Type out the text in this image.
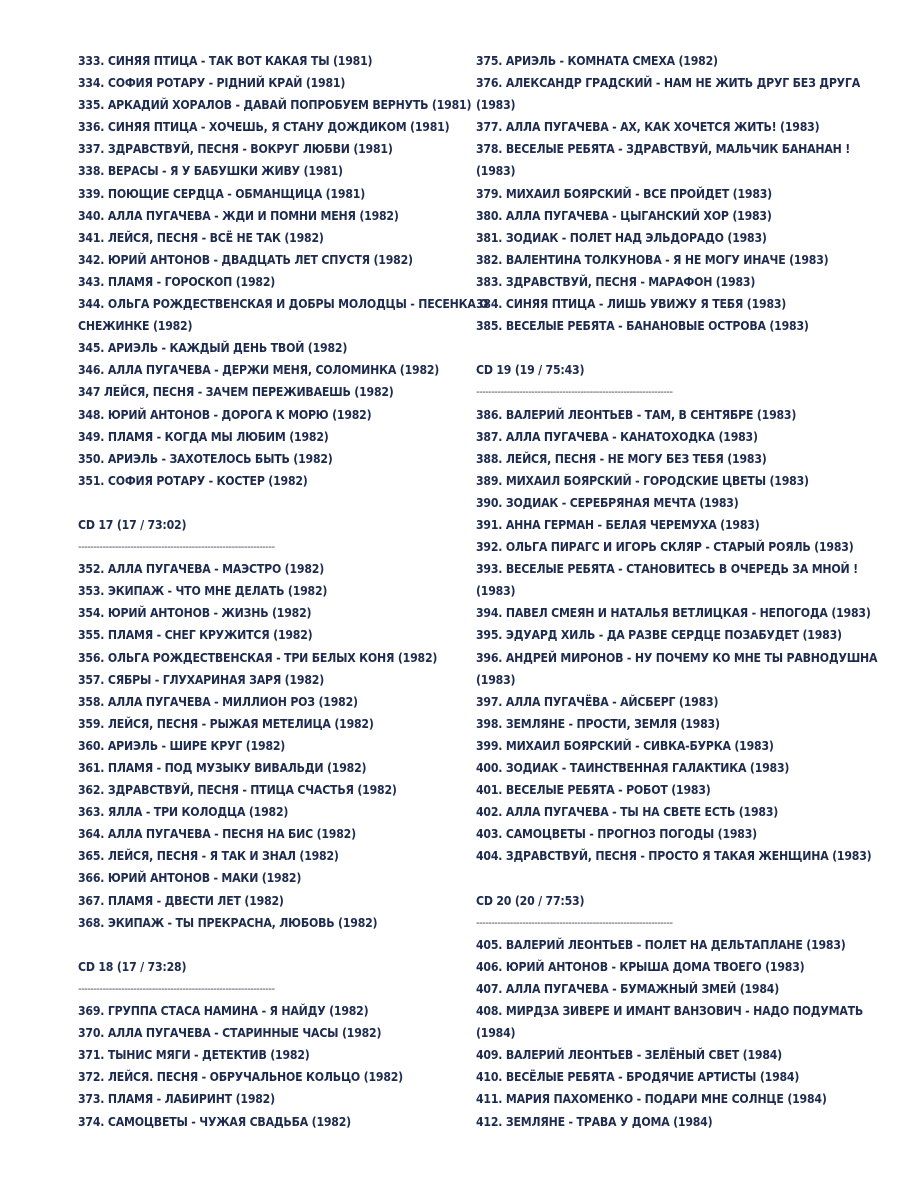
333. СИНЯЯ ПТИЦА - ТАК ВОТ КАКАЯ ТЫ (1981)
334. СОФИЯ РОТАРУ - РІДНИЙ КРАЙ (1981)
335. АРКАДИЙ ХОРАЛОВ - ДАВАЙ ПОПРОБУЕМ ВЕРНУТЬ (1981)
336. СИНЯЯ ПТИЦА - ХОЧЕШЬ, Я СТАНУ ДОЖДИКОМ (1981)
337. ЗДРАВСТВУЙ, ПЕСНЯ - ВОКРУГ ЛЮБВИ (1981)
338. ВЕРАСЫ - Я У БАБУШКИ ЖИВУ (1981)
339. ПОЮЩИЕ СЕРДЦА - ОБМАНЩИЦА (1981)
340. АЛЛА ПУГАЧЕВА - ЖДИ И ПОМНИ МЕНЯ (1982)
341. ЛЕЙСЯ, ПЕСНЯ - ВСЁ НЕ ТАК (1982)
342. ЮРИЙ АНТОНОВ - ДВАДЦАТЬ ЛЕТ СПУСТЯ (1982)
343. ПЛАМЯ - ГОРОСКОП (1982)
344. ОЛЬГА РОЖДЕСТВЕНСКАЯ И ДОБРЫ МОЛОДЦЫ - ПЕСЕНКА О
СНЕЖИНКЕ (1982)
345. АРИЭЛЬ - КАЖДЫЙ ДЕНЬ ТВОЙ (1982)
346. АЛЛА ПУГАЧЕВА - ДЕРЖИ МЕНЯ, СОЛОМИНКА (1982)
347 ЛЕЙСЯ, ПЕСНЯ - ЗАЧЕМ ПЕРЕЖИВАЕШЬ (1982)
348. ЮРИЙ АНТОНОВ - ДОРОГА К МОРЮ (1982)
349. ПЛАМЯ - КОГДА МЫ ЛЮБИМ (1982)
350. АРИЭЛЬ - ЗАХОТЕЛОСЬ БЫТЬ (1982)
351. СОФИЯ РОТАРУ - КОСТЕР (1982)
CD 17 (17 / 73:02)
----------------------------------------------------------------
352. АЛЛА ПУГАЧЕВА - МАЭСТРО (1982)
353. ЭКИПАЖ - ЧТО МНЕ ДЕЛАТЬ (1982)
354. ЮРИЙ АНТОНОВ - ЖИЗНЬ (1982)
355. ПЛАМЯ - СНЕГ КРУЖИТСЯ (1982)
356. ОЛЬГА РОЖДЕСТВЕНСКАЯ - ТРИ БЕЛЫХ КОНЯ (1982)
357. СЯБРЫ - ГЛУХАРИНАЯ ЗАРЯ (1982)
358. АЛЛА ПУГАЧЕВА - МИЛЛИОН РОЗ (1982)
359. ЛЕЙСЯ, ПЕСНЯ - РЫЖАЯ МЕТЕЛИЦА (1982)
360. АРИЭЛЬ - ШИРЕ КРУГ (1982)
361. ПЛАМЯ - ПОД МУЗЫКУ ВИВАЛЬДИ (1982)
362. ЗДРАВСТВУЙ, ПЕСНЯ - ПТИЦА СЧАСТЬЯ (1982)
363. ЯЛЛА - ТРИ КОЛОДЦА (1982)
364. АЛЛА ПУГАЧЕВА - ПЕСНЯ НА БИС (1982)
365. ЛЕЙСЯ, ПЕСНЯ - Я ТАК И ЗНАЛ (1982)
366. ЮРИЙ АНТОНОВ - МАКИ (1982)
367. ПЛАМЯ - ДВЕСТИ ЛЕТ (1982)
368. ЭКИПАЖ - ТЫ ПРЕКРАСНА, ЛЮБОВЬ (1982)
CD 18 (17 / 73:28)
----------------------------------------------------------------
369. ГРУППА СТАСА НАМИНА - Я НАЙДУ (1982)
370. АЛЛА ПУГАЧЕВА - СТАРИННЫЕ ЧАСЫ (1982)
371. ТЫНИС МЯГИ - ДЕТЕКТИВ (1982)
372. ЛЕЙСЯ. ПЕСНЯ - ОБРУЧАЛЬНОЕ КОЛЬЦО (1982)
373. ПЛАМЯ - ЛАБИРИНТ (1982)
374. САМОЦВЕТЫ - ЧУЖАЯ СВАДЬБА (1982)
375. АРИЭЛЬ - КОМНАТА СМЕХА (1982)
376. АЛЕКСАНДР ГРАДСКИЙ - НАМ НЕ ЖИТЬ ДРУГ БЕЗ ДРУГА
(1983)
377. АЛЛА ПУГАЧЕВА - АХ, КАК ХОЧЕТСЯ ЖИТЬ! (1983)
378. ВЕСЕЛЫЕ РЕБЯТА - ЗДРАВСТВУЙ, МАЛЬЧИК БАНАНАН !
(1983)
379. МИХАИЛ БОЯРСКИЙ - ВСЕ ПРОЙДЕТ (1983)
380. АЛЛА ПУГАЧЕВА - ЦЫГАНСКИЙ ХОР (1983)
381. ЗОДИАК - ПОЛЕТ НАД ЭЛЬДОРАДО (1983)
382. ВАЛЕНТИНА ТОЛКУНОВА - Я НЕ МОГУ ИНАЧЕ (1983)
383. ЗДРАВСТВУЙ, ПЕСНЯ - МАРАФОН (1983)
384. СИНЯЯ ПТИЦА - ЛИШЬ УВИЖУ Я ТЕБЯ (1983)
385. ВЕСЕЛЫЕ РЕБЯТА - БАНАНОВЫЕ ОСТРОВА (1983)
CD 19 (19 / 75:43)
----------------------------------------------------------------
386. ВАЛЕРИЙ ЛЕОНТЬЕВ - ТАМ, В СЕНТЯБРЕ (1983)
387. АЛЛА ПУГАЧЕВА - КАНАТОХОДКА (1983)
388. ЛЕЙСЯ, ПЕСНЯ - НЕ МОГУ БЕЗ ТЕБЯ (1983)
389. МИХАИЛ БОЯРСКИЙ - ГОРОДСКИЕ ЦВЕТЫ (1983)
390. ЗОДИАК - СЕРЕБРЯНАЯ МЕЧТА (1983)
391. АННА ГЕРМАН - БЕЛАЯ ЧЕРЕМУХА (1983)
392. ОЛЬГА ПИРАГС И ИГОРЬ СКЛЯР - СТАРЫЙ РОЯЛЬ (1983)
393. ВЕСЕЛЫЕ РЕБЯТА - СТАНОВИТЕСЬ В ОЧЕРЕДЬ ЗА МНОЙ !
(1983)
394. ПАВЕЛ СМЕЯН И НАТАЛЬЯ ВЕТЛИЦКАЯ - НЕПОГОДА (1983)
395. ЭДУАРД ХИЛЬ - ДА РАЗВЕ СЕРДЦЕ ПОЗАБУДЕТ (1983)
396. АНДРЕЙ МИРОНОВ - НУ ПОЧЕМУ КО МНЕ ТЫ РАВНОДУШНА
(1983)
397. АЛЛА ПУГАЧЁВА - АЙСБЕРГ (1983)
398. ЗЕМЛЯНЕ - ПРОСТИ, ЗЕМЛЯ (1983)
399. МИХАИЛ БОЯРСКИЙ - СИВКА-БУРКА (1983)
400. ЗОДИАК - ТАИНСТВЕННАЯ ГАЛАКТИКА (1983)
401. ВЕСЕЛЫЕ РЕБЯТА - РОБОТ (1983)
402. АЛЛА ПУГАЧЕВА - ТЫ НА СВЕТЕ ЕСТЬ (1983)
403. САМОЦВЕТЫ - ПРОГНОЗ ПОГОДЫ (1983)
404. ЗДРАВСТВУЙ, ПЕСНЯ - ПРОСТО Я ТАКАЯ ЖЕНЩИНА (1983)
CD 20 (20 / 77:53)
----------------------------------------------------------------
405. ВАЛЕРИЙ ЛЕОНТЬЕВ - ПОЛЕТ НА ДЕЛЬТАПЛАНЕ (1983)
406. ЮРИЙ АНТОНОВ - КРЫША ДОМА ТВОЕГО (1983)
407. АЛЛА ПУГАЧЕВА - БУМАЖНЫЙ ЗМЕЙ (1984)
408. МИРДЗА ЗИВЕРЕ И ИМАНТ ВАНЗОВИЧ - НАДО ПОДУМАТЬ
(1984)
409. ВАЛЕРИЙ ЛЕОНТЬЕВ - ЗЕЛЁНЫЙ СВЕТ (1984)
410. ВЕСЁЛЫЕ РЕБЯТА - БРОДЯЧИЕ АРТИСТЫ (1984)
411. МАРИЯ ПАХОМЕНКО - ПОДАРИ МНЕ СОЛНЦЕ (1984)
412. ЗЕМЛЯНЕ - ТРАВА У ДОМА (1984)
